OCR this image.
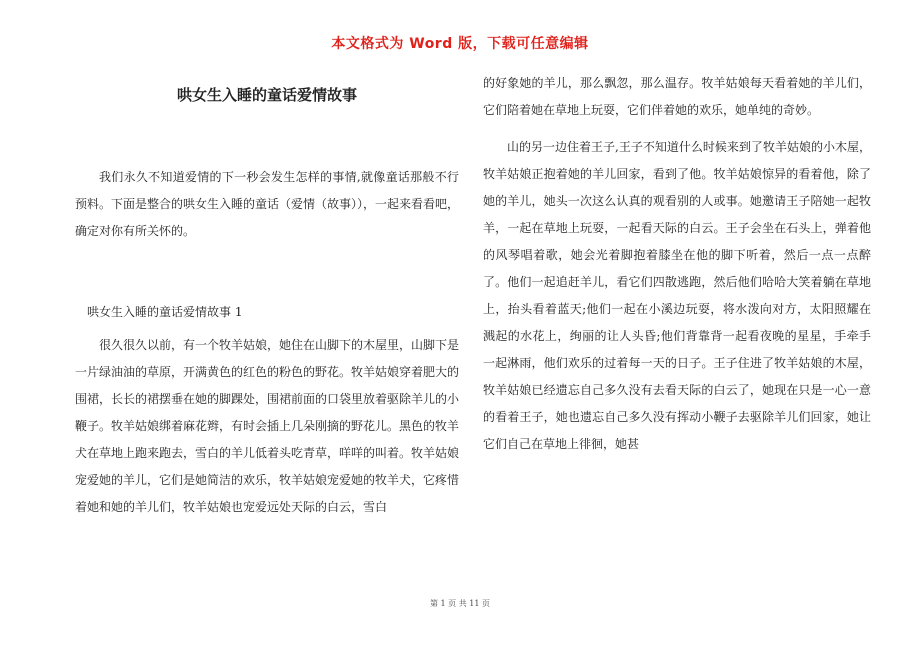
本文格式为 Word 版，下载可任意编辑
哄女生入睡的童话爱情故事

我们永久不知道爱情的下一秒会发生怎样的事情,就像童话那般不行预料。下面是整合的哄女生入睡的童话（爱情（故事）），一起来看看吧，确定对你有所关怀的。

哄女生入睡的童话爱情故事 1

很久很久以前，有一个牧羊姑娘，她住在山脚下的木屋里，山脚下是一片绿油油的草原，开满黄色的红色的粉色的野花。牧羊姑娘穿着肥大的围裙，长长的裙摆垂在她的脚踝处，围裙前面的口袋里放着驱除羊儿的小鞭子。牧羊姑娘绑着麻花辫，有时会插上几朵刚摘的野花儿。黑色的牧羊犬在草地上跑来跑去，雪白的羊儿低着头吃青草，咩咩的叫着。牧羊姑娘宠爱她的羊儿，它们是她简洁的欢乐，牧羊姑娘宠爱她的牧羊犬，它疼惜着她和她的羊儿们，牧羊姑娘也宠爱远处天际的白云，雪白

的好象她的羊儿，那么飘忽，那么温存。牧羊姑娘每天看着她的羊儿们，它们陪着她在草地上玩耍，它们伴着她的欢乐，她单纯的奇妙。

山的另一边住着王子,王子不知道什么时候来到了牧羊姑娘的小木屋，牧羊姑娘正抱着她的羊儿回家，看到了他。牧羊姑娘惊异的看着他，除了她的羊儿，她头一次这么认真的观看别的人或事。她邀请王子陪她一起牧羊，一起在草地上玩耍，一起看天际的白云。王子会坐在石头上，弹着他的风琴唱着歌，她会光着脚抱着膝坐在他的脚下听着，然后一点一点醉了。他们一起追赶羊儿，看它们四散逃跑，然后他们哈哈大笑着躺在草地上，抬头看着蓝天;他们一起在小溪边玩耍，将水泼向对方，太阳照耀在溅起的水花上，绚丽的让人头昏;他们背靠背一起看夜晚的星星，手牵手一起淋雨，他们欢乐的过着每一天的日子。王子住进了牧羊姑娘的木屋，牧羊姑娘已经遗忘自己多久没有去看天际的白云了，她现在只是一心一意的看着王子，她也遗忘自己多久没有挥动小鞭子去驱除羊儿们回家，她让它们自己在草地上徘徊，她甚

第 1 页 共 11 页
